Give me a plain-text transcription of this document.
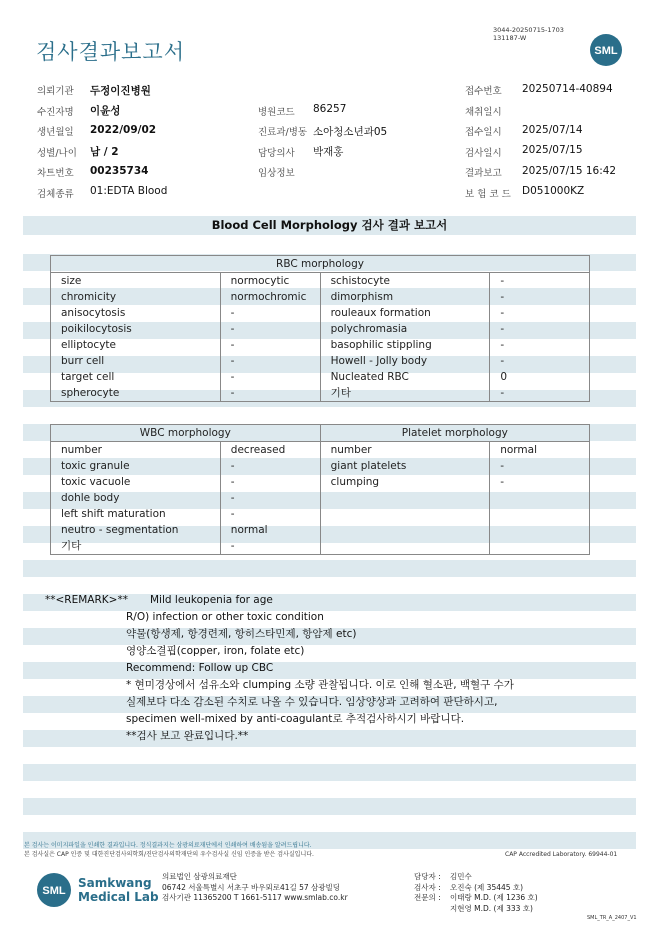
검사결과보고서
3044-20250715-1703
131187-W
SML
의뢰기관 두정이진병원
수진자명 이윤성
생년월일 2022/09/02
성별/나이 남 / 2
차트번호 00235734
검체종류 01:EDTA Blood
병원코드 86257
진료과/병동 소아청소년과05
담당의사 박재홍
임상정보
접수번호 20250714-40894
채취일시
접수일시 2025/07/14
검사일시 2025/07/15
결과보고 2025/07/15 16:42
보 험 코 드 D051000KZ
Blood Cell Morphology 검사 결과 보고서
RBC morphology			
size	normocytic	schistocyte	-
chromicity	normochromic	dimorphism	-
anisocytosis	-	rouleaux formation	-
poikilocytosis	-	polychromasia	-
elliptocyte	-	basophilic stippling	-
burr cell	-	Howell - Jolly body	-
target cell	-	Nucleated RBC	0
spherocyte	-	기타	-
WBC morphology		Platelet morphology	
number	decreased	number	normal
toxic granule	-	giant platelets	-
toxic vacuole	-	clumping	-
dohle body	-		
left shift maturation	-		
neutro - segmentation	normal		
기타	-		
**<REMARK>** Mild leukopenia for age
R/O) infection or other toxic condition
약물(항생제, 항경련제, 항히스타민제, 항암제 etc)
영양소결핍(copper, iron, folate etc)
Recommend: Follow up CBC
* 현미경상에서 섬유소와 clumping 소량 관찰됩니다. 이로 인해 혈소판, 백혈구 수가
실제보다 다소 감소된 수치로 나올 수 있습니다. 임상양상과 고려하여 판단하시고,
specimen well-mixed by anti-coagulant로 추적검사하시기 바랍니다.
**검사 보고 완료입니다.**
본 검사는 이미지파일을 인쇄한 결과입니다. 정식결과지는 삼광의료재단에서 인쇄하여 배송됨을 알려드립니다.
본 검사실은 CAP 인증 및 대한진단검사의학회/진단검사의학재단의 우수검사실 신임 인증을 받은 검사실입니다.	CAP Accredited Laboratory. 69944-01
SML
Samkwang
Medical Lab
의료법인 삼광의료재단
06742 서울특별시 서초구 바우뫼로41길 57 삼광빌딩
검사기관 11365200 T 1661-5117 www.smlab.co.kr
담당자 : 김민수
검사자 : 오진숙 (제 35445 호)
전문의 : 이태랑 M.D. (제 1236 호)
지현영 M.D. (제 333 호)
SML_TR_A_2407_V1
